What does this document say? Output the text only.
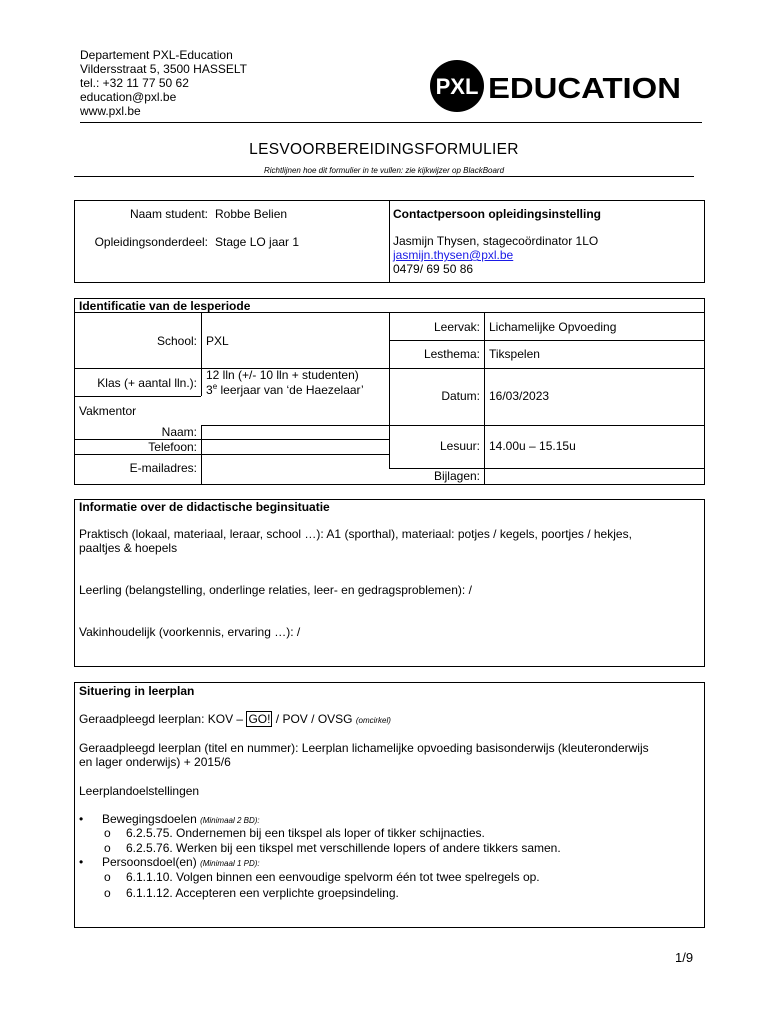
Departement PXL-Education
Vildersstraat 5, 3500 HASSELT
tel.: +32 11 77 50 62
education@pxl.be
www.pxl.be
PXL EDUCATION
LESVOORBEREIDINGSFORMULIER
Richtlijnen hoe dit formulier in te vullen: zie kijkwijzer op BlackBoard
Naam student: Robbe Belien
Opleidingsonderdeel: Stage LO jaar 1
Contactpersoon opleidingsinstelling
Jasmijn Thysen, stagecoördinator 1LO
jasmijn.thysen@pxl.be
0479/ 69 50 86
Identificatie van de lesperiode
School: PXL
Klas (+ aantal lln.):
12 lln (+/- 10 lln + studenten)
3e leerjaar van ‘de Haezelaar’
Vakmentor
Naam:
Telefoon:
E-mailadres:
Leervak: Lichamelijke Opvoeding
Lesthema: Tikspelen
Datum: 16/03/2023
Lesuur: 14.00u – 15.15u
Bijlagen:
Informatie over de didactische beginsituatie
Praktisch (lokaal, materiaal, leraar, school …): A1 (sporthal), materiaal: potjes / kegels, poortjes / hekjes,
paaltjes & hoepels
Leerling (belangstelling, onderlinge relaties, leer- en gedragsproblemen): /
Vakinhoudelijk (voorkennis, ervaring …): /
Situering in leerplan
Geraadpleegd leerplan: KOV – GO! / POV / OVSG (omcirkel)
Geraadpleegd leerplan (titel en nummer): Leerplan lichamelijke opvoeding basisonderwijs (kleuteronderwijs
en lager onderwijs) + 2015/6
Leerplandoelstellingen
• Bewegingsdoelen (Minimaal 2 BD):
o 6.2.5.75. Ondernemen bij een tikspel als loper of tikker schijnacties.
o 6.2.5.76. Werken bij een tikspel met verschillende lopers of andere tikkers samen.
• Persoonsdoel(en) (Minimaal 1 PD):
o 6.1.1.10. Volgen binnen een eenvoudige spelvorm één tot twee spelregels op.
o 6.1.1.12. Accepteren een verplichte groepsindeling.
1/9
